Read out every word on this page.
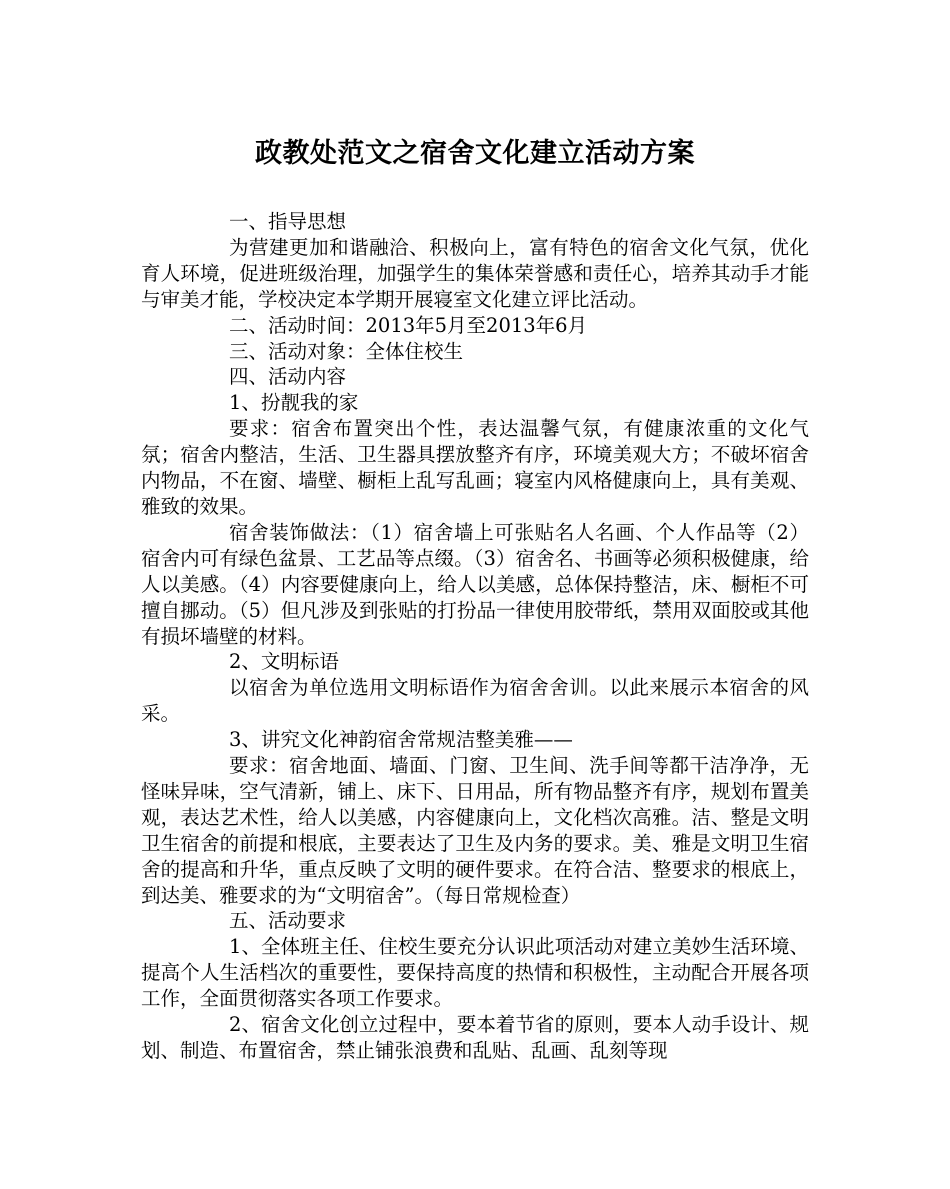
政教处范文之宿舍文化建立活动方案

一、指导思想

为营建更加和谐融洽、积极向上，富有特色的宿舍文化气氛，优化育人环境，促进班级治理，加强学生的集体荣誉感和责任心，培养其动手才能与审美才能，学校决定本学期开展寝室文化建立评比活动。

二、活动时间：2013年5月至2013年6月

三、活动对象：全体住校生

四、活动内容

1、扮靓我的家

要求：宿舍布置突出个性，表达温馨气氛，有健康浓重的文化气氛；宿舍内整洁，生活、卫生器具摆放整齐有序，环境美观大方；不破坏宿舍内物品，不在窗、墙壁、橱柜上乱写乱画；寝室内风格健康向上，具有美观、雅致的效果。

宿舍装饰做法：（1）宿舍墙上可张贴名人名画、个人作品等（2）宿舍内可有绿色盆景、工艺品等点缀。（3）宿舍名、书画等必须积极健康，给人以美感。（4）内容要健康向上，给人以美感，总体保持整洁，床、橱柜不可擅自挪动。（5）但凡涉及到张贴的打扮品一律使用胶带纸，禁用双面胶或其他有损坏墙壁的材料。

2、文明标语

以宿舍为单位选用文明标语作为宿舍舍训。以此来展示本宿舍的风采。

3、讲究文化神韵宿舍常规洁整美雅——

要求：宿舍地面、墙面、门窗、卫生间、洗手间等都干洁净净，无怪味异味，空气清新，铺上、床下、日用品，所有物品整齐有序，规划布置美观，表达艺术性，给人以美感，内容健康向上，文化档次高雅。洁、整是文明卫生宿舍的前提和根底，主要表达了卫生及内务的要求。美、雅是文明卫生宿舍的提高和升华，重点反映了文明的硬件要求。在符合洁、整要求的根底上，到达美、雅要求的为“文明宿舍”。（每日常规检查）

五、活动要求

1、全体班主任、住校生要充分认识此项活动对建立美妙生活环境、提高个人生活档次的重要性，要保持高度的热情和积极性，主动配合开展各项工作，全面贯彻落实各项工作要求。

2、宿舍文化创立过程中，要本着节省的原则，要本人动手设计、规划、制造、布置宿舍，禁止铺张浪费和乱贴、乱画、乱刻等现
